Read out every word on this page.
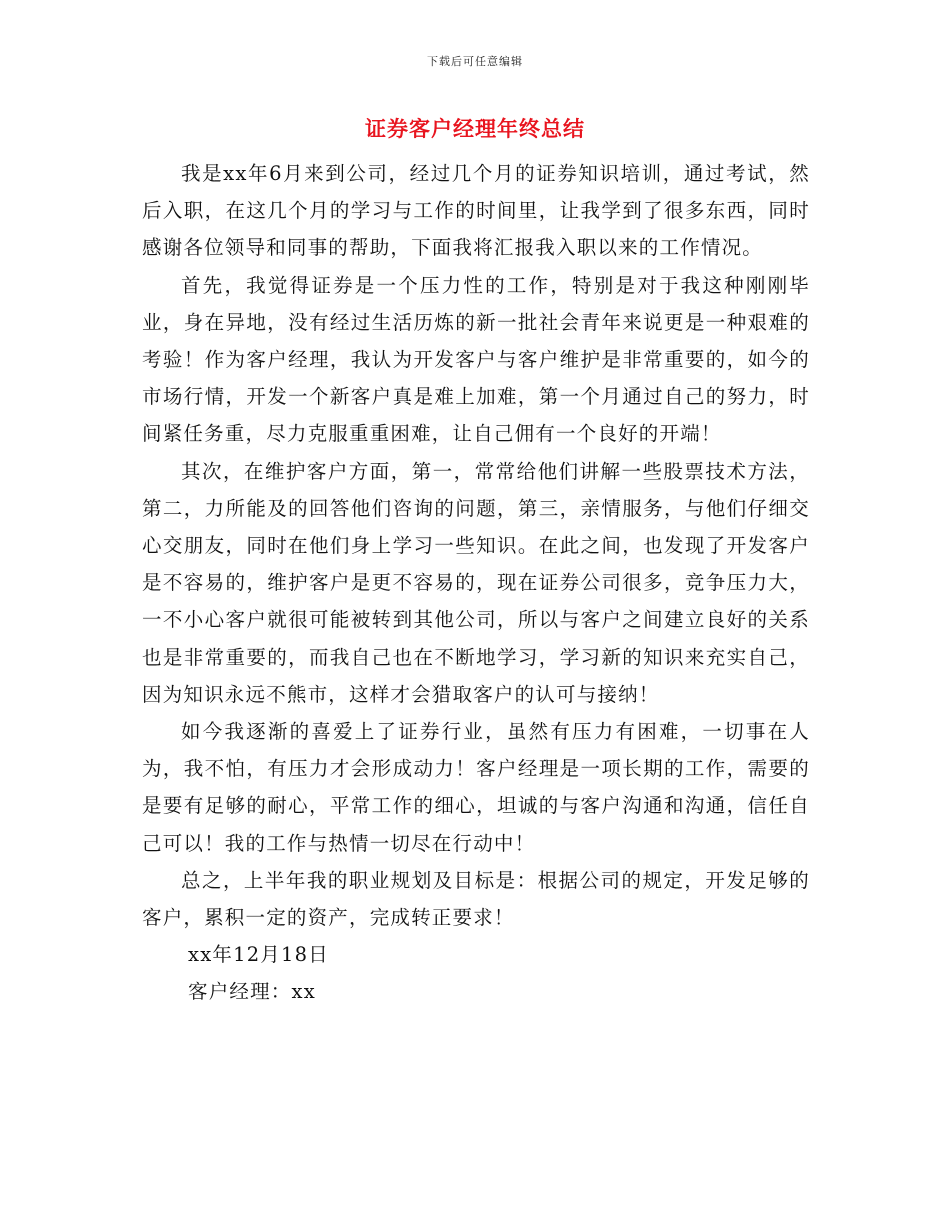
下载后可任意编辑
证券客户经理年终总结

我是xx年6月来到公司，经过几个月的证券知识培训，通过考试，然后入职，在这几个月的学习与工作的时间里，让我学到了很多东西，同时感谢各位领导和同事的帮助，下面我将汇报我入职以来的工作情况。

首先，我觉得证券是一个压力性的工作，特别是对于我这种刚刚毕业，身在异地，没有经过生活历炼的新一批社会青年来说更是一种艰难的考验！作为客户经理，我认为开发客户与客户维护是非常重要的，如今的市场行情，开发一个新客户真是难上加难，第一个月通过自己的努力，时间紧任务重，尽力克服重重困难，让自己佣有一个良好的开端！

其次，在维护客户方面，第一，常常给他们讲解一些股票技术方法，第二，力所能及的回答他们咨询的问题，第三，亲情服务，与他们仔细交心交朋友，同时在他们身上学习一些知识。在此之间，也发现了开发客户是不容易的，维护客户是更不容易的，现在证券公司很多，竞争压力大，一不小心客户就很可能被转到其他公司，所以与客户之间建立良好的关系也是非常重要的，而我自己也在不断地学习，学习新的知识来充实自己，因为知识永远不熊市，这样才会猎取客户的认可与接纳！

如今我逐渐的喜爱上了证券行业，虽然有压力有困难，一切事在人为，我不怕，有压力才会形成动力！客户经理是一项长期的工作，需要的是要有足够的耐心，平常工作的细心，坦诚的与客户沟通和沟通，信任自己可以！我的工作与热情一切尽在行动中！

总之，上半年我的职业规划及目标是：根据公司的规定，开发足够的客户，累积一定的资产，完成转正要求！

xx年12月18日

客户经理：xx
